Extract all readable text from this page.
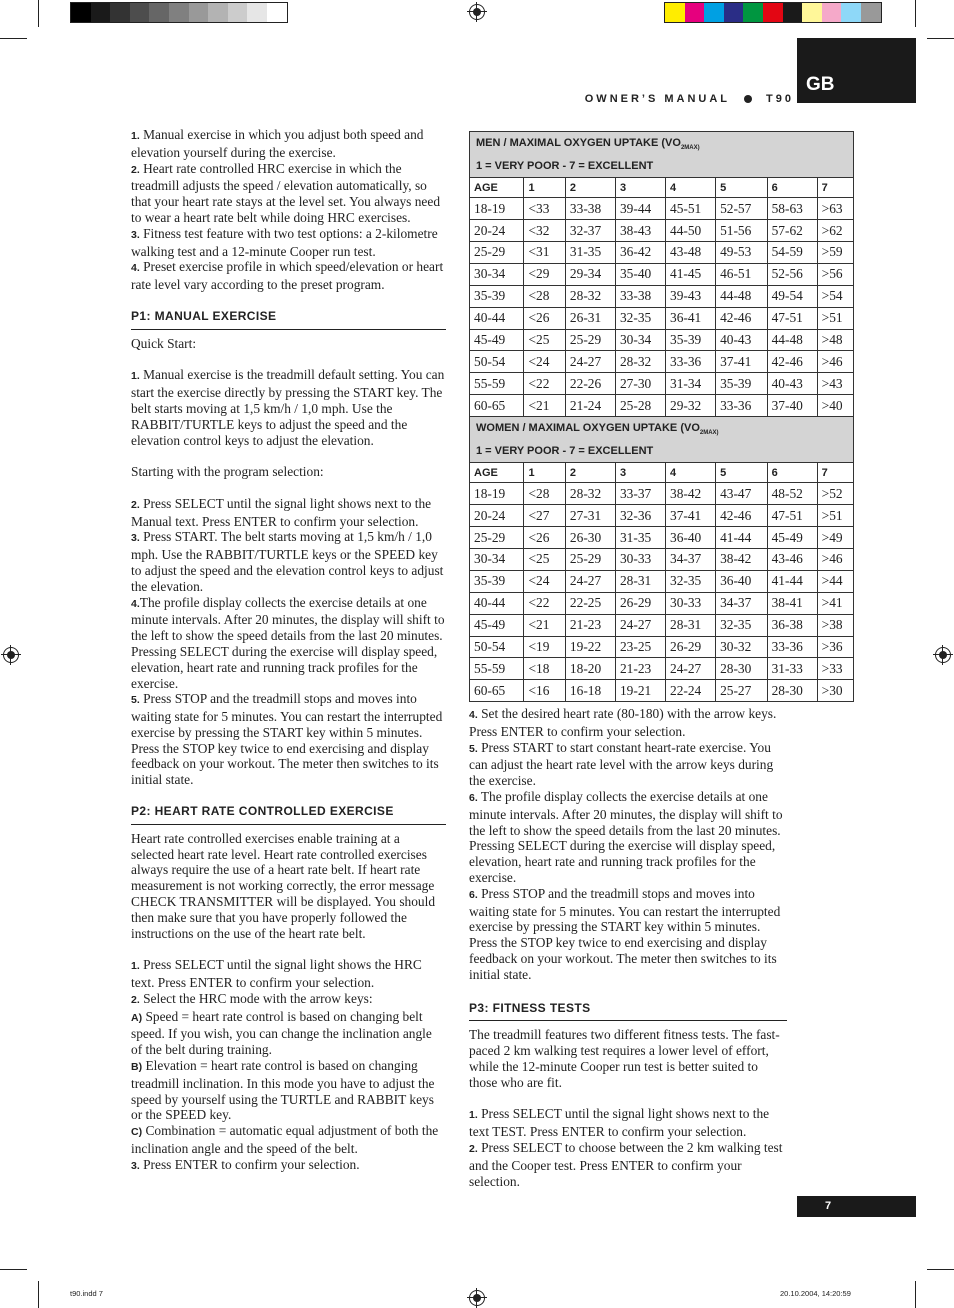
GB
OWNER’S MANUAL	T90

1. Manual exercise in which you adjust both speed and elevation yourself during the exercise.

2. Heart rate controlled HRC exercise in which the treadmill adjusts the speed / elevation automatically, so that your heart rate stays at the level set. You always need to wear a heart rate belt while doing HRC exercises.

3. Fitness test feature with two test options: a 2-kilometre walking test and a 12-minute Cooper run test.

4. Preset exercise profile in which speed/elevation or heart rate level vary according to the preset program.

P1: MANUAL EXERCISE

Quick Start:

1. Manual exercise is the treadmill default setting. You can start the exercise directly by pressing the START key. The belt starts moving at 1,5 km/h / 1,0 mph. Use the RABBIT/TURTLE keys to adjust the speed and the elevation control keys to adjust the elevation.

Starting with the program selection:

2. Press SELECT until the signal light shows next to the Manual text. Press ENTER to confirm your selection.

3. Press START. The belt starts moving at 1,5 km/h / 1,0 mph. Use the RABBIT/TURTLE keys or the SPEED key to adjust the speed and the elevation control keys to adjust the elevation.

4.The profile display collects the exercise details at one minute intervals. After 20 minutes, the display will shift to the left to show the speed details from the last 20 minutes. Pressing SELECT during the exercise will display speed, elevation, heart rate and running track profiles for the exercise.

5. Press STOP and the treadmill stops and moves into waiting state for 5 minutes. You can restart the interrupted exercise by pressing the START key within 5 minutes. Press the STOP key twice to end exercising and display feedback on your workout. The meter then switches to its initial state.

P2: HEART RATE CONTROLLED EXERCISE

Heart rate controlled exercises enable training at a selected heart rate level. Heart rate controlled exercises always require the use of a heart rate belt. If heart rate measurement is not working correctly, the error message CHECK TRANSMITTER will be displayed. You should then make sure that you have properly followed the instructions on the use of the heart rate belt.

1. Press SELECT until the signal light shows the HRC text. Press ENTER to confirm your selection.

2. Select the HRC mode with the arrow keys:

A) Speed = heart rate control is based on changing belt speed. If you wish, you can change the inclination angle of the belt during training.

B) Elevation = heart rate control is based on changing treadmill inclination. In this mode you have to adjust the speed by yourself using the TURTLE and RABBIT keys or the SPEED key.

C) Combination = automatic equal adjustment of both the inclination angle and the speed of the belt.

3. Press ENTER to confirm your selection.

MEN / MAXIMAL OXYGEN UPTAKE ($VO_{2MAX)}$
1 = VERY POOR - 7 = EXCELLENT							
AGE	1	2	3	4	5	6	7
18-19	<33	33-38	39-44	45-51	52-57	58-63	>63
20-24	<32	32-37	38-43	44-50	51-56	57-62	>62
25-29	<31	31-35	36-42	43-48	49-53	54-59	>59
30-34	<29	29-34	35-40	41-45	46-51	52-56	>56
35-39	<28	28-32	33-38	39-43	44-48	49-54	>54
40-44	<26	26-31	32-35	36-41	42-46	47-51	>51
45-49	<25	25-29	30-34	35-39	40-43	44-48	>48
50-54	<24	24-27	28-32	33-36	37-41	42-46	>46
55-59	<22	22-26	27-30	31-34	35-39	40-43	>43
60-65	<21	21-24	25-28	29-32	33-36	37-40	>40
WOMEN / MAXIMAL OXYGEN UPTAKE ($VO_{2MAX)}$
1 = VERY POOR - 7 = EXCELLENT							
AGE	1	2	3	4	5	6	7
18-19	<28	28-32	33-37	38-42	43-47	48-52	>52
20-24	<27	27-31	32-36	37-41	42-46	47-51	>51
25-29	<26	26-30	31-35	36-40	41-44	45-49	>49
30-34	<25	25-29	30-33	34-37	38-42	43-46	>46
35-39	<24	24-27	28-31	32-35	36-40	41-44	>44
40-44	<22	22-25	26-29	30-33	34-37	38-41	>41
45-49	<21	21-23	24-27	28-31	32-35	36-38	>38
50-54	<19	19-22	23-25	26-29	30-32	33-36	>36
55-59	<18	18-20	21-23	24-27	28-30	31-33	>33
60-65	<16	16-18	19-21	22-24	25-27	28-30	>30

4. Set the desired heart rate (80-180) with the arrow keys. Press ENTER to confirm your selection.

5. Press START to start constant heart-rate exercise. You can adjust the heart rate level with the arrow keys during the exercise.

6. The profile display collects the exercise details at one minute intervals. After 20 minutes, the display will shift to the left to show the speed details from the last 20 minutes. Pressing SELECT during the exercise will display speed, elevation, heart rate and running track profiles for the exercise.

6. Press STOP and the treadmill stops and moves into waiting state for 5 minutes. You can restart the interrupted exercise by pressing the START key within 5 minutes. Press the STOP key twice to end exercising and display feedback on your workout. The meter then switches to its initial state.

P3: FITNESS TESTS

The treadmill features two different fitness tests. The fast-paced 2 km walking test requires a lower level of effort, while the 12-minute Cooper run test is better suited to those who are fit.

1. Press SELECT until the signal light shows next to the text TEST. Press ENTER to confirm your selection.

2. Press SELECT to choose between the 2 km walking test and the Cooper test. Press ENTER to confirm your selection.

7
t90.indd 7	20.10.2004, 14:20:59
